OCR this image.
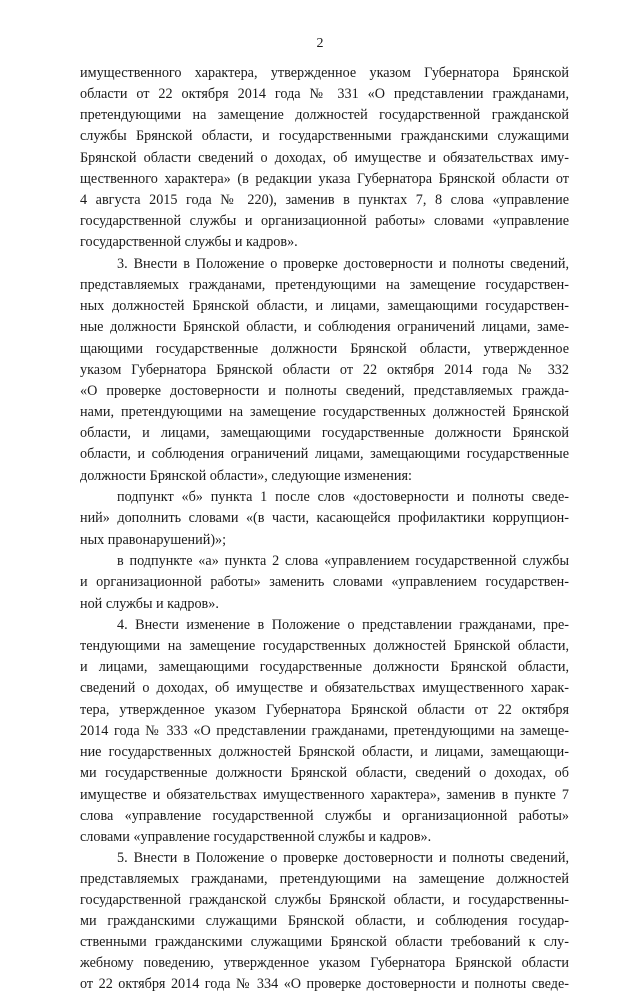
2
имущественного характера, утвержденное указом Губернатора Брянской
области от 22 октября 2014 года № 331 «О представлении гражданами,
претендующими на замещение должностей государственной гражданской
службы Брянской области, и государственными гражданскими служащими
Брянской области сведений о доходах, об имуществе и обязательствах иму-
щественного характера» (в редакции указа Губернатора Брянской области от
4 августа 2015 года № 220), заменив в пунктах 7, 8 слова «управление
государственной службы и организационной работы» словами «управление
государственной службы и кадров».
3. Внести в Положение о проверке достоверности и полноты сведений,
представляемых гражданами, претендующими на замещение государствен-
ных должностей Брянской области, и лицами, замещающими государствен-
ные должности Брянской области, и соблюдения ограничений лицами, заме-
щающими государственные должности Брянской области, утвержденное
указом Губернатора Брянской области от 22 октября 2014 года № 332
«О проверке достоверности и полноты сведений, представляемых гражда-
нами, претендующими на замещение государственных должностей Брянской
области, и лицами, замещающими государственные должности Брянской
области, и соблюдения ограничений лицами, замещающими государственные
должности Брянской области», следующие изменения:
подпункт «б» пункта 1 после слов «достоверности и полноты сведе-
ний» дополнить словами «(в части, касающейся профилактики коррупцион-
ных правонарушений)»;
в подпункте «а» пункта 2 слова «управлением государственной службы
и организационной работы» заменить словами «управлением государствен-
ной службы и кадров».
4. Внести изменение в Положение о представлении гражданами, пре-
тендующими на замещение государственных должностей Брянской области,
и лицами, замещающими государственные должности Брянской области,
сведений о доходах, об имуществе и обязательствах имущественного харак-
тера, утвержденное указом Губернатора Брянской области от 22 октября
2014 года № 333 «О представлении гражданами, претендующими на замеще-
ние государственных должностей Брянской области, и лицами, замещающи-
ми государственные должности Брянской области, сведений о доходах, об
имуществе и обязательствах имущественного характера», заменив в пункте 7
слова «управление государственной службы и организационной работы»
словами «управление государственной службы и кадров».
5. Внести в Положение о проверке достоверности и полноты сведений,
представляемых гражданами, претендующими на замещение должностей
государственной гражданской службы Брянской области, и государственны-
ми гражданскими служащими Брянской области, и соблюдения государ-
ственными гражданскими служащими Брянской области требований к слу-
жебному поведению, утвержденное указом Губернатора Брянской области
от 22 октября 2014 года № 334 «О проверке достоверности и полноты сведе-
